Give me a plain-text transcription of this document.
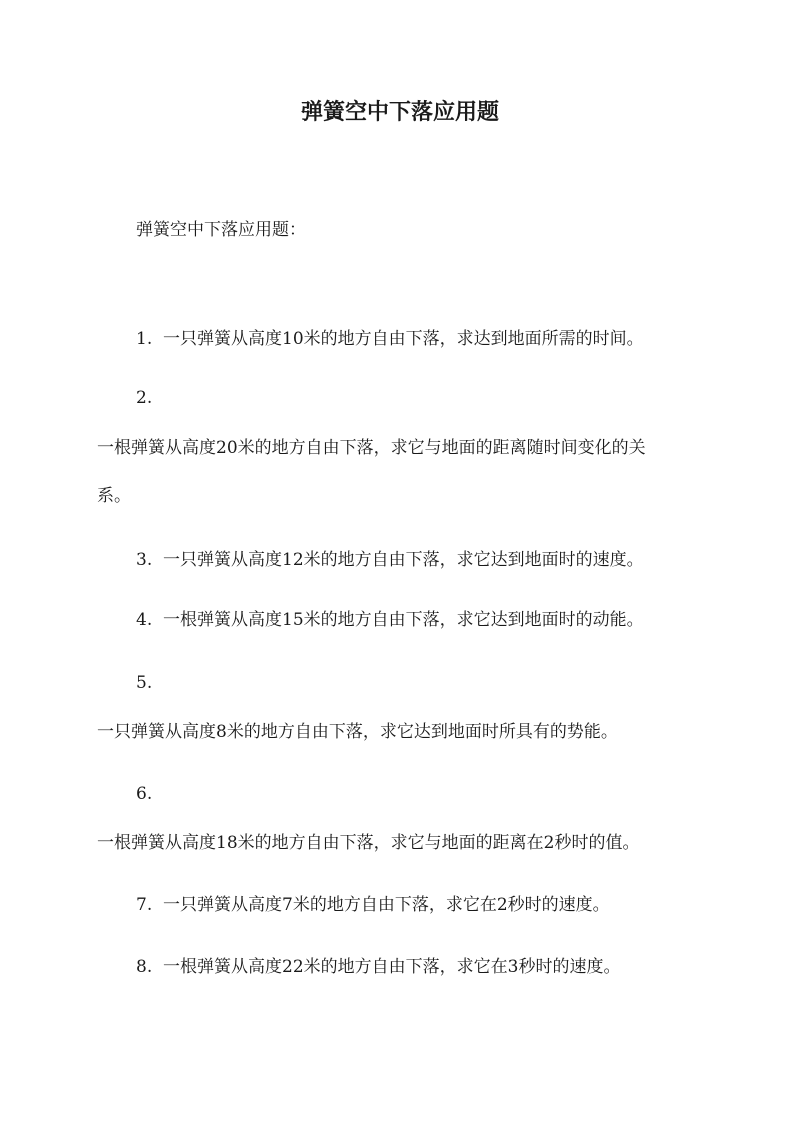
弹簧空中下落应用题
弹簧空中下落应用题：
1. 一只弹簧从高度10米的地方自由下落，求达到地面所需的时间。
2.
一根弹簧从高度20米的地方自由下落，求它与地面的距离随时间变化的关
系。
3. 一只弹簧从高度12米的地方自由下落，求它达到地面时的速度。
4. 一根弹簧从高度15米的地方自由下落，求它达到地面时的动能。
5.
一只弹簧从高度8米的地方自由下落，求它达到地面时所具有的势能。
6.
一根弹簧从高度18米的地方自由下落，求它与地面的距离在2秒时的值。
7. 一只弹簧从高度7米的地方自由下落，求它在2秒时的速度。
8. 一根弹簧从高度22米的地方自由下落，求它在3秒时的速度。
